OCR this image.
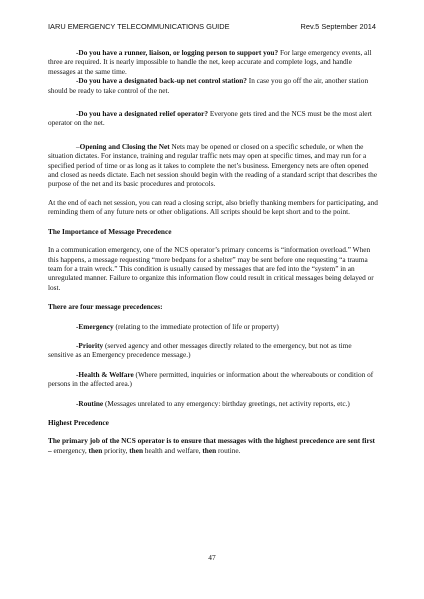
IARU EMERGENCY TELECOMMUNICATIONS GUIDE	Rev.5 September 2014

-Do you have a runner, liaison, or logging person to support you? For large emergency events, all three are required. It is nearly impossible to handle the net, keep accurate and complete logs, and handle messages at the same time.

-Do you have a designated back-up net control station? In case you go off the air, another station should be ready to take control of the net.

-Do you have a designated relief operator? Everyone gets tired and the NCS must be the most alert operator on the net.

–Opening and Closing the Net Nets may be opened or closed on a specific schedule, or when the situation dictates. For instance, training and regular traffic nets may open at specific times, and may run for a specified period of time or as long as it takes to complete the net’s business. Emergency nets are often opened and closed as needs dictate. Each net session should begin with the reading of a standard script that describes the purpose of the net and its basic procedures and protocols.

At the end of each net session, you can read a closing script, also briefly thanking members for participating, and reminding them of any future nets or other obligations. All scripts should be kept short and to the point.

The Importance of Message Precedence

In a communication emergency, one of the NCS operator’s primary concerns is “information overload.” When this happens, a message requesting “more bedpans for a shelter” may be sent before one requesting “a trauma team for a train wreck.” This condition is usually caused by messages that are fed into the “system” in an unregulated manner. Failure to organize this information flow could result in critical messages being delayed or lost.

There are four message precedences:

-Emergency (relating to the immediate protection of life or property)

-Priority (served agency and other messages directly related to the emergency, but not as time sensitive as an Emergency precedence message.)

-Health & Welfare (Where permitted, inquiries or information about the whereabouts or condition of persons in the affected area.)

-Routine (Messages unrelated to any emergency: birthday greetings, net activity reports, etc.)

Highest Precedence

The primary job of the NCS operator is to ensure that messages with the highest precedence are sent first – emergency, then priority, then health and welfare, then routine.

47
